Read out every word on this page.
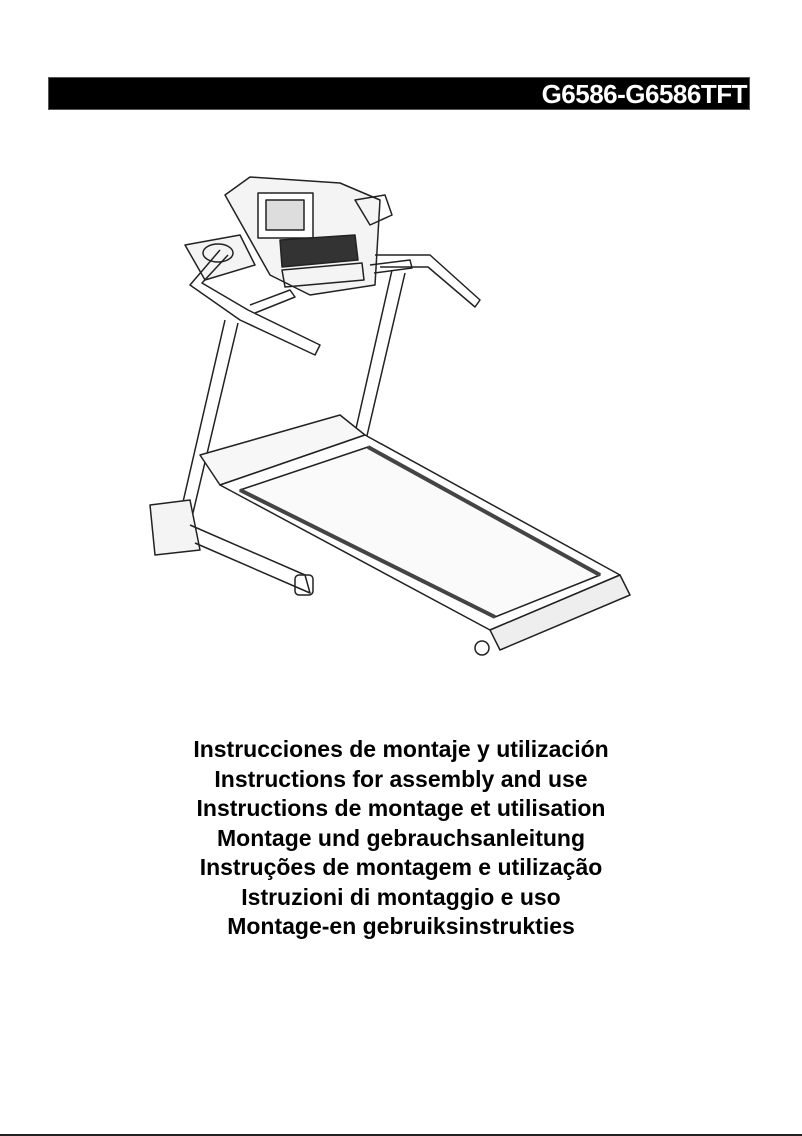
G6586-G6586TFT
Instrucciones de montaje y utilización
Instructions for assembly and use
Instructions de montage et utilisation
Montage und gebrauchsanleitung
Instruções de montagem e utilização
Istruzioni di montaggio e uso
Montage-en gebruiksinstrukties
